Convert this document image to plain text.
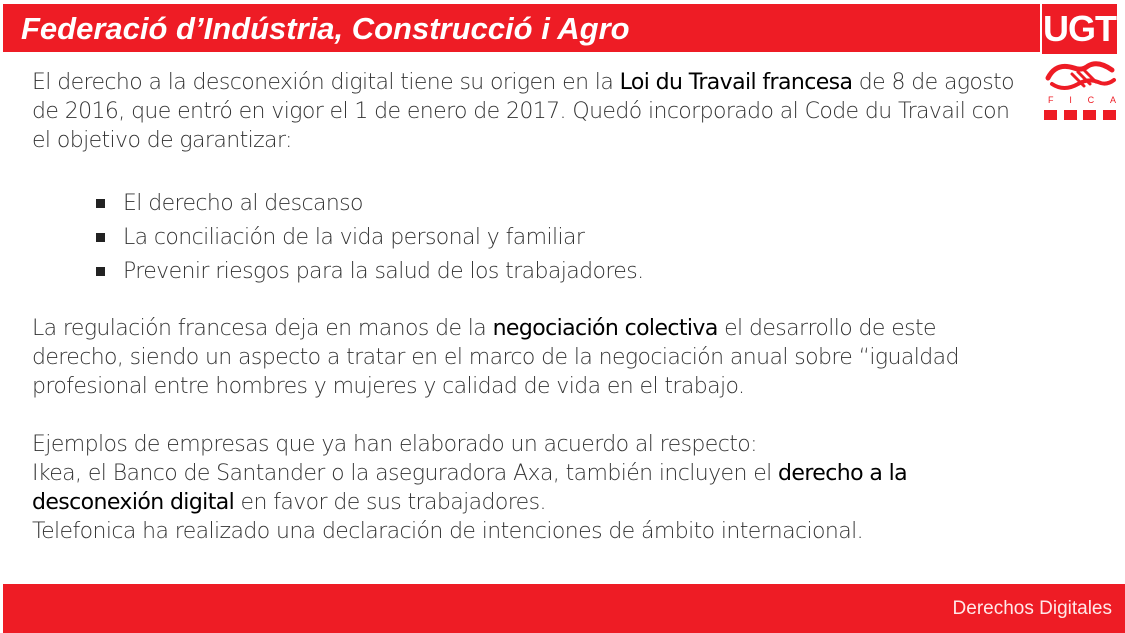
Federació d’Indústria, Construcció i Agro	UGT
F I C A

El derecho a la desconexión digital tiene su origen en la Loi du Travail francesa de 8 de agosto de 2016, que entró en vigor el 1 de enero de 2017. Quedó incorporado al Code du Travail con el objetivo de garantizar:

El derecho al descanso
La conciliación de la vida personal y familiar
Prevenir riesgos para la salud de los trabajadores.

La regulación francesa deja en manos de la negociación colectiva el desarrollo de este derecho, siendo un aspecto a tratar en el marco de la negociación anual sobre “igualdad profesional entre hombres y mujeres y calidad de vida en el trabajo.

Ejemplos de empresas que ya han elaborado un acuerdo al respecto:

Ikea, el Banco de Santander o la aseguradora Axa, también incluyen el derecho a la desconexión digital en favor de sus trabajadores.

Telefonica ha realizado una declaración de intenciones de ámbito internacional.

Derechos Digitales
